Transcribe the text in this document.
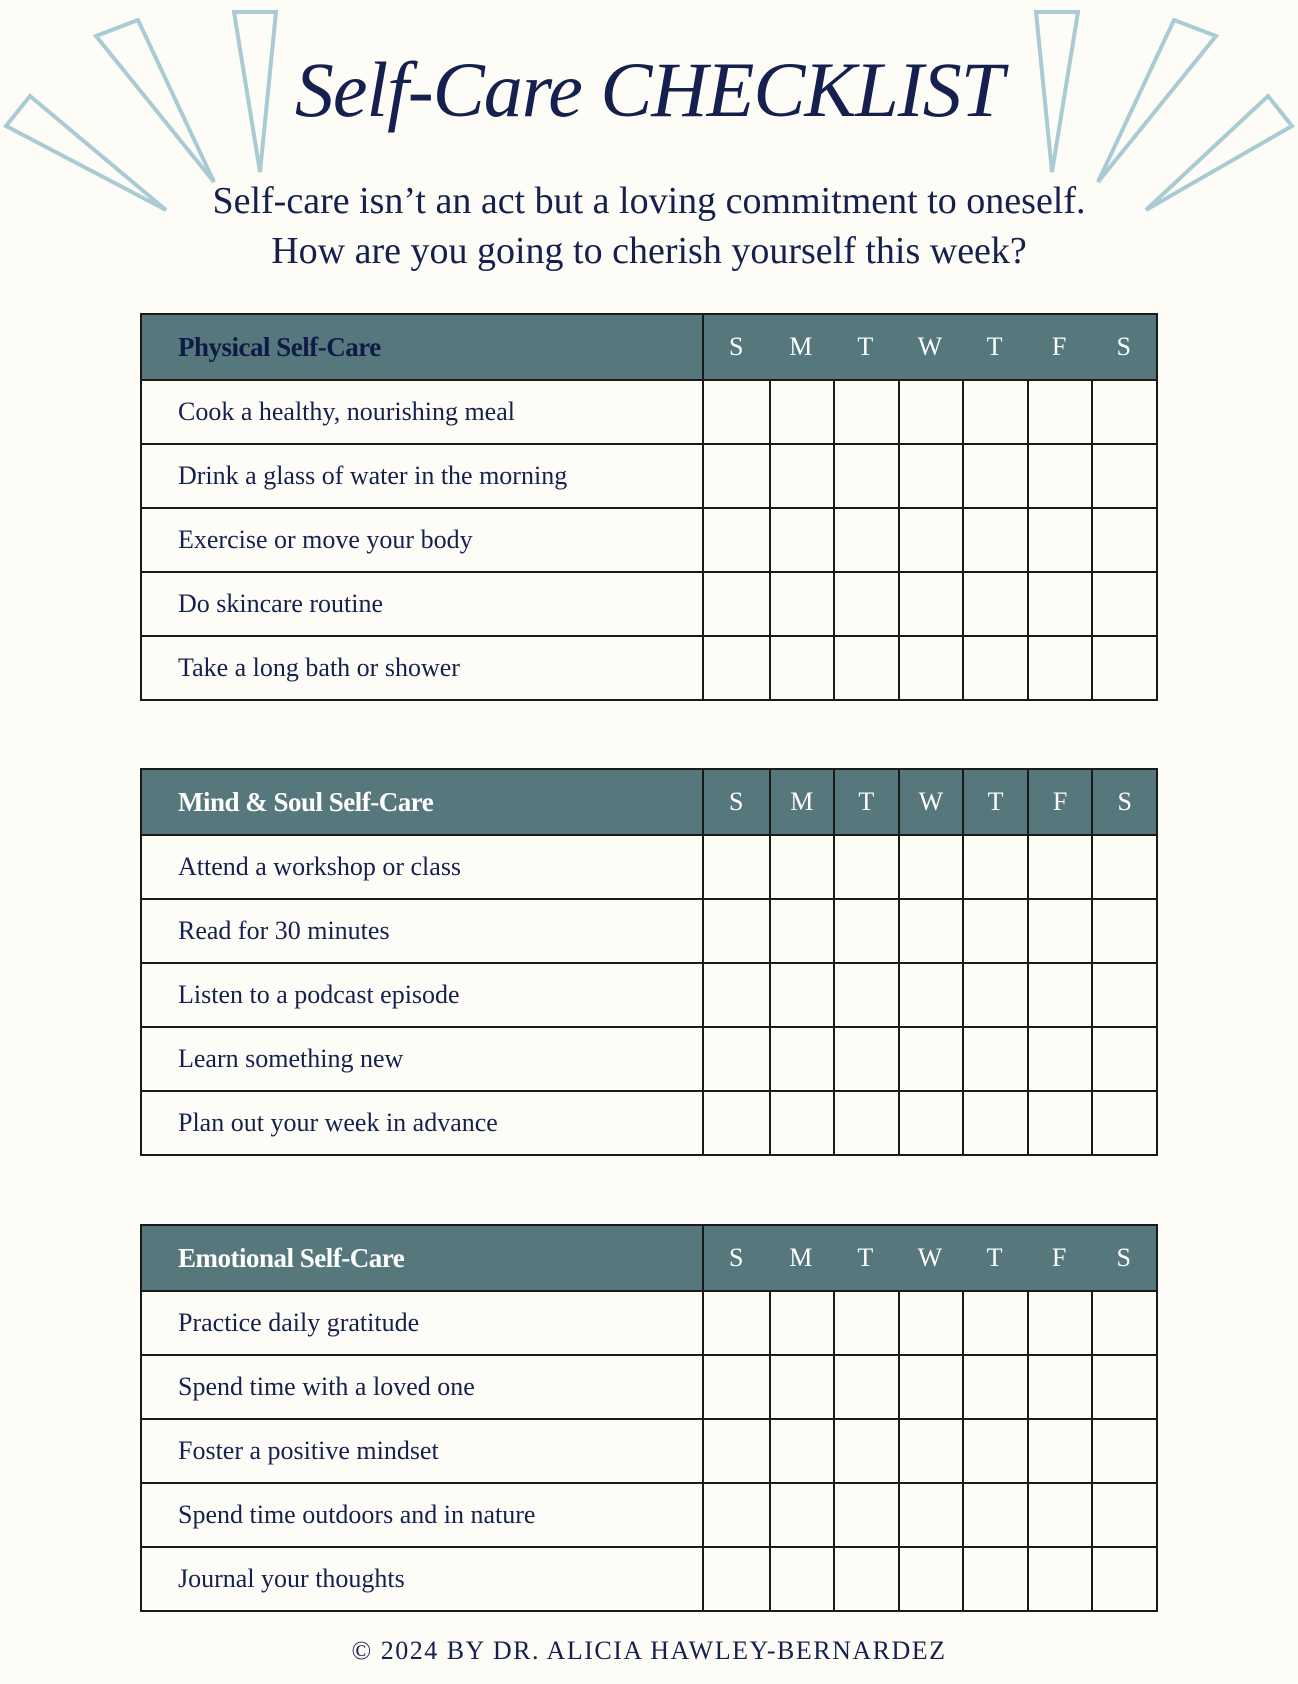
Self-Care CHECKLIST
Self-care isn’t an act but a loving commitment to oneself.
How are you going to cherish yourself this week?
Physical Self-Care	S	M	T	W	T	F	S
Cook a healthy, nourishing meal
Drink a glass of water in the morning
Exercise or move your body
Do skincare routine
Take a long bath or shower
Mind & Soul Self-Care	S	M	T	W	T	F	S
Attend a workshop or class
Read for 30 minutes
Listen to a podcast episode
Learn something new
Plan out your week in advance
Emotional Self-Care	S	M	T	W	T	F	S
Practice daily gratitude
Spend time with a loved one
Foster a positive mindset
Spend time outdoors and in nature
Journal your thoughts
© 2024 BY DR. ALICIA HAWLEY-BERNARDEZ
